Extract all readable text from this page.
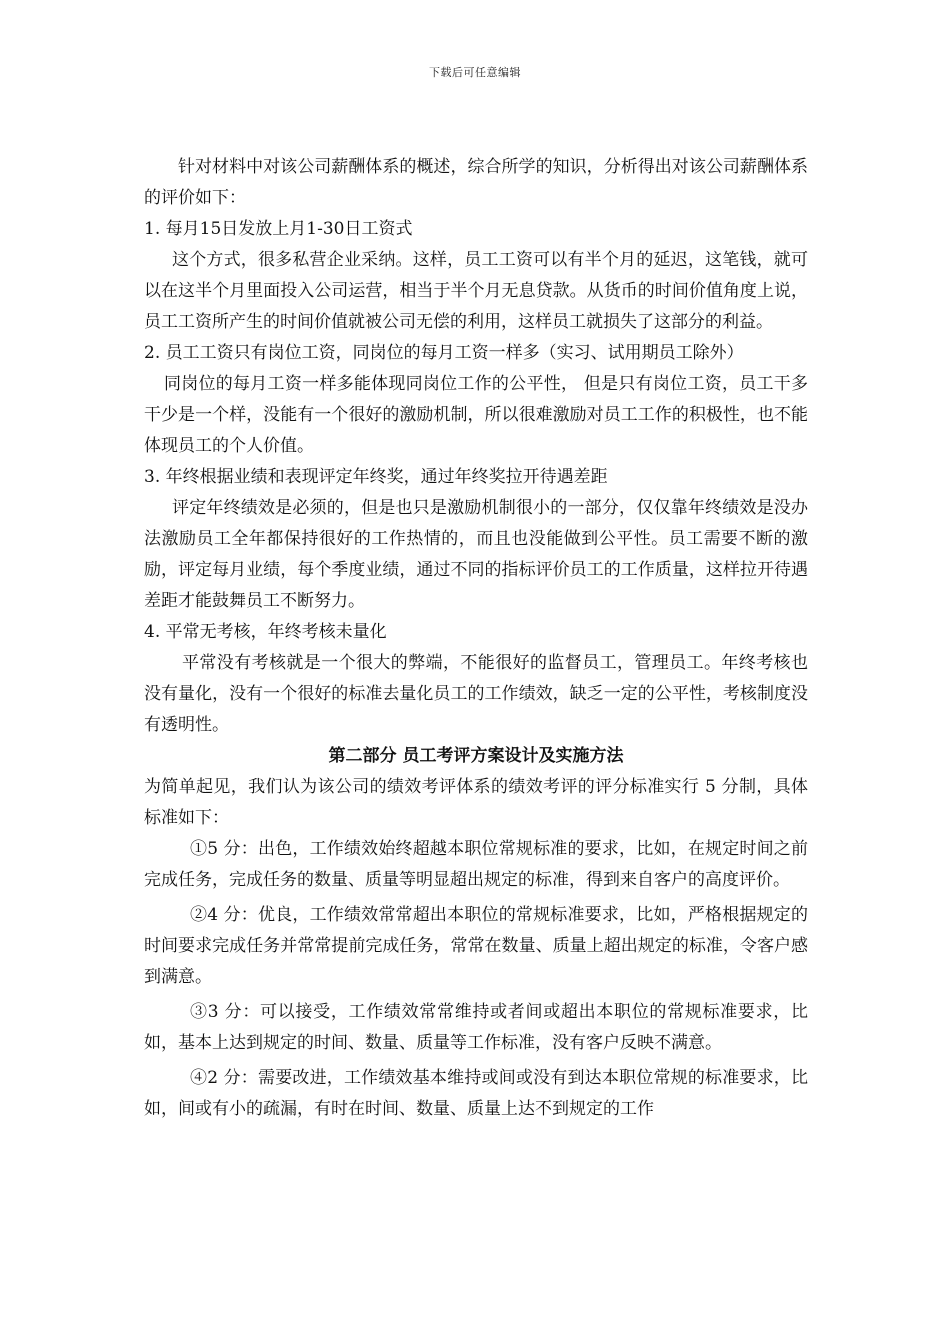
下载后可任意编辑

针对材料中对该公司薪酬体系的概述，综合所学的知识，分析得出对该公司薪酬体系的评价如下：

1. 每月15日发放上月1-30日工资式

这个方式，很多私营企业采纳。这样，员工工资可以有半个月的延迟，这笔钱，就可以在这半个月里面投入公司运营，相当于半个月无息贷款。从货币的时间价值角度上说，员工工资所产生的时间价值就被公司无偿的利用，这样员工就损失了这部分的利益。

2. 员工工资只有岗位工资，同岗位的每月工资一样多（实习、试用期员工除外）

同岗位的每月工资一样多能体现同岗位工作的公平性， 但是只有岗位工资，员工干多干少是一个样，没能有一个很好的激励机制，所以很难激励对员工工作的积极性，也不能体现员工的个人价值。

3. 年终根据业绩和表现评定年终奖，通过年终奖拉开待遇差距

评定年终绩效是必须的，但是也只是激励机制很小的一部分，仅仅靠年终绩效是没办法激励员工全年都保持很好的工作热情的，而且也没能做到公平性。员工需要不断的激励，评定每月业绩，每个季度业绩，通过不同的指标评价员工的工作质量，这样拉开待遇差距才能鼓舞员工不断努力。

4. 平常无考核，年终考核未量化

平常没有考核就是一个很大的弊端，不能很好的监督员工，管理员工。年终考核也没有量化，没有一个很好的标准去量化员工的工作绩效，缺乏一定的公平性，考核制度没有透明性。

第二部分 员工考评方案设计及实施方法

为简单起见，我们认为该公司的绩效考评体系的绩效考评的评分标准实行 5 分制，具体标准如下：

①5 分：出色，工作绩效始终超越本职位常规标准的要求，比如，在规定时间之前完成任务，完成任务的数量、质量等明显超出规定的标准，得到来自客户的高度评价。

②4 分：优良，工作绩效常常超出本职位的常规标准要求，比如，严格根据规定的时间要求完成任务并常常提前完成任务，常常在数量、质量上超出规定的标准，令客户感到满意。

③3 分：可以接受，工作绩效常常维持或者间或超出本职位的常规标准要求，比如，基本上达到规定的时间、数量、质量等工作标准，没有客户反映不满意。

④2 分：需要改进，工作绩效基本维持或间或没有到达本职位常规的标准要求，比如，间或有小的疏漏，有时在时间、数量、质量上达不到规定的工作
